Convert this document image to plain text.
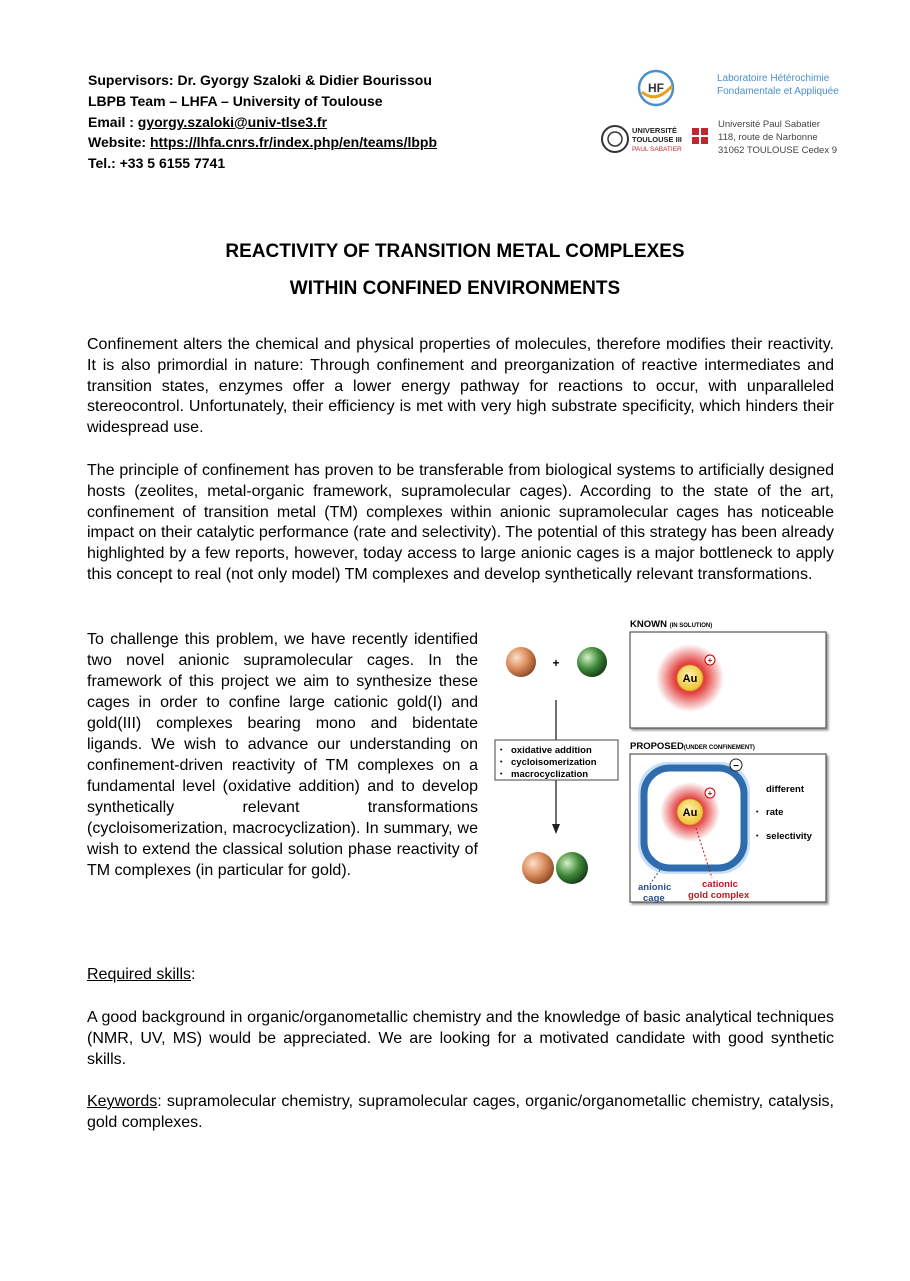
Supervisors: Dr. Gyorgy Szaloki & Didier Bourissou
LBPB Team – LHFA – University of Toulouse
Email : gyorgy.szaloki@univ-tlse3.fr
Website: https://lhfa.cnrs.fr/index.php/en/teams/lbpb
Tel.: +33 5 6155 7741
HF
Laboratoire Hétérochimie
Fondamentale et Appliquée
UNIVERSITÉ
TOULOUSE III
PAUL SABATIER
Université Paul Sabatier
118, route de Narbonne
31062 TOULOUSE Cedex 9
REACTIVITY OF TRANSITION METAL COMPLEXES
WITHIN CONFINED ENVIRONMENTS
Confinement alters the chemical and physical properties of molecules, therefore modifies their reactivity. It is also primordial in nature: Through confinement and preorganization of reactive intermediates and transition states, enzymes offer a lower energy pathway for reactions to occur, with unparalleled stereocontrol. Unfortunately, their efficiency is met with very high substrate specificity, which hinders their widespread use.
The principle of confinement has proven to be transferable from biological systems to artificially designed hosts (zeolites, metal-organic framework, supramolecular cages). According to the state of the art, confinement of transition metal (TM) complexes within anionic supramolecular cages has noticeable impact on their catalytic performance (rate and selectivity). The potential of this strategy has been already highlighted by a few reports, however, today access to large anionic cages is a major bottleneck to apply this concept to real (not only model) TM complexes and develop synthetically relevant transformations.
To challenge this problem, we have recently identified two novel anionic supramolecular cages. In the framework of this project we aim to synthesize these cages in order to confine large cationic gold(I) and gold(III) complexes bearing mono and bidentate ligands. We wish to advance our understanding on confinement-driven reactivity of TM complexes on a fundamental level (oxidative addition) and to develop synthetically relevant transformations (cycloisomerization, macrocyclization). In summary, we wish to extend the classical solution phase reactivity of TM complexes (in particular for gold).
+
• oxidative addition
• cycloisomerization
• macrocyclization
KNOWN (IN SOLUTION)
Au
+
PROPOSED(UNDER CONFINEMENT)
Au
+
−
different
• rate
• selectivity
anionic
cage
cationic
gold complex
Required skills:
A good background in organic/organometallic chemistry and the knowledge of basic analytical techniques (NMR, UV, MS) would be appreciated. We are looking for a motivated candidate with good synthetic skills.
Keywords: supramolecular chemistry, supramolecular cages, organic/organometallic chemistry, catalysis, gold complexes.
